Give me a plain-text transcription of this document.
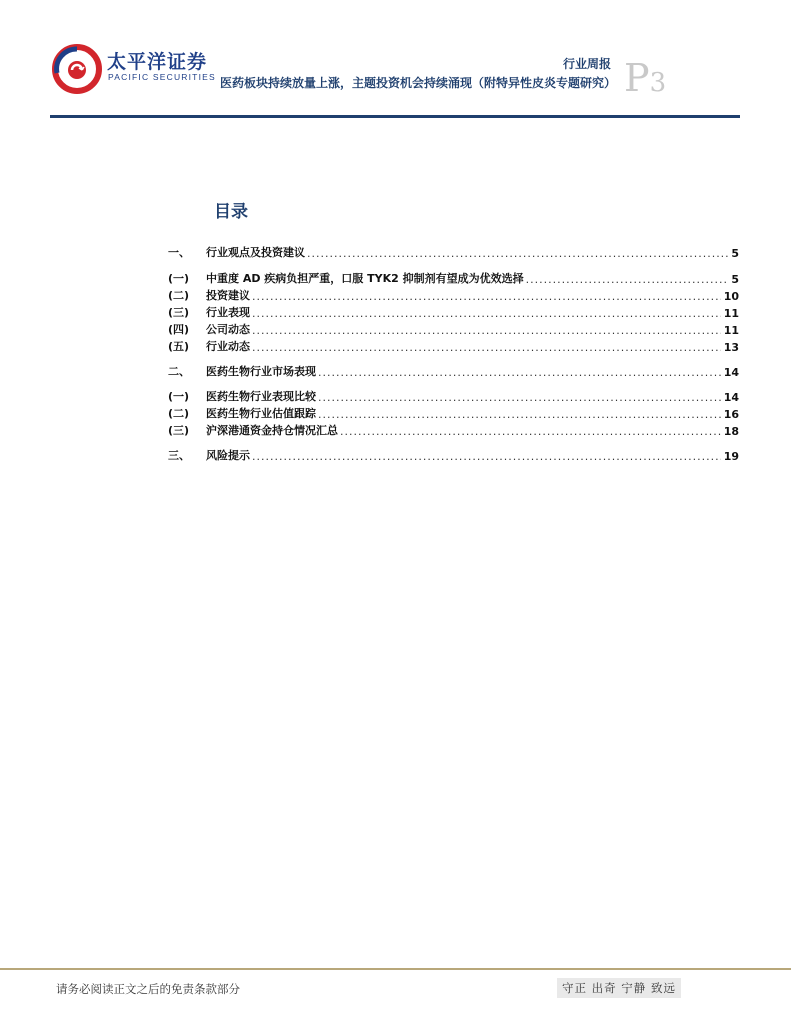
太平洋证券
PACIFIC SECURITIES
行业周报
医药板块持续放量上涨，主题投资机会持续涌现（附特异性皮炎专题研究） P3
目录
一、	行业观点及投资建议 .....	5
(一)	中重度 AD 疾病负担严重，口服 TYK2 抑制剂有望成为优效选择 .....	5
(二)	投资建议 .....	10
(三)	行业表现 .....	11
(四)	公司动态 .....	11
(五)	行业动态 .....	13
二、	医药生物行业市场表现 .....	14
(一)	医药生物行业表现比较 .....	14
(二)	医药生物行业估值跟踪 .....	16
(三)	沪深港通资金持仓情况汇总 .....	18
三、	风险提示 .....	19
请务必阅读正文之后的免责条款部分	守正 出奇 宁静 致远
